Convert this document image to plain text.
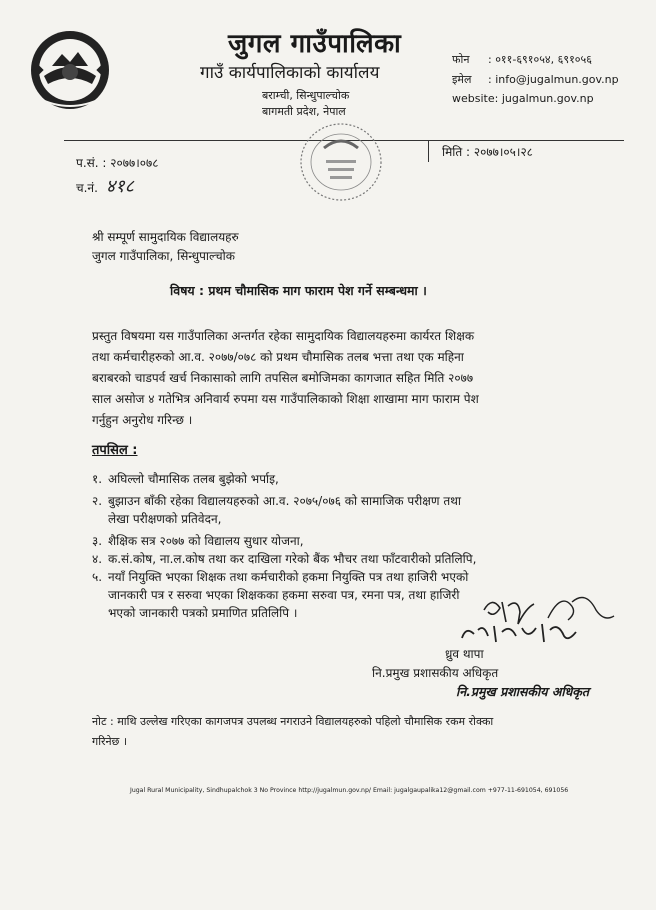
जुगल गाउँपालिका
गाउँ कार्यपालिकाको कार्यालय
बराम्ची, सिन्धुपाल्चोक
बागमती प्रदेश, नेपाल
फोन : ०११-६९१०५४, ६९१०५६
इमेल : info@jugalmun.gov.np
website: jugalmun.gov.np
मिति : २०७७।०५।२८
प.सं. : २०७७।०७८
च.नं. ४१८
श्री सम्पूर्ण सामुदायिक विद्यालयहरु
जुगल गाउँपालिका, सिन्धुपाल्चोक
विषय : प्रथम चौमासिक माग फाराम पेश गर्ने सम्बन्धमा ।
प्रस्तुत विषयमा यस गाउँपालिका अन्तर्गत रहेका सामुदायिक विद्यालयहरुमा कार्यरत शिक्षक
तथा कर्मचारीहरुको आ.व. २०७७/०७८ को प्रथम चौमासिक तलब भत्ता तथा एक महिना
बराबरको चाडपर्व खर्च निकासाको लागि तपसिल बमोजिमका कागजात सहित मिति २०७७
साल असोज ४ गतेभित्र अनिवार्य रुपमा यस गाउँपालिकाको शिक्षा शाखामा माग फाराम पेश
गर्नुहुन अनुरोध गरिन्छ ।
तपसिल :
१. अघिल्लो चौमासिक तलब बुझेको भर्पाइ,
२. बुझाउन बाँकी रहेका विद्यालयहरुको आ.व. २०७५/०७६ को सामाजिक परीक्षण तथा
लेखा परीक्षणको प्रतिवेदन,
३. शैक्षिक सत्र २०७७ को विद्यालय सुधार योजना,
४. क.सं.कोष, ना.ल.कोष तथा कर दाखिला गरेको बैंक भौचर तथा फाँटवारीको प्रतिलिपि,
५. नयाँ नियुक्ति भएका शिक्षक तथा कर्मचारीको हकमा नियुक्ति पत्र तथा हाजिरी भएको
जानकारी पत्र र सरुवा भएका शिक्षकका हकमा सरुवा पत्र, रमना पत्र, तथा हाजिरी
भएको जानकारी पत्रको प्रमाणित प्रतिलिपि ।
ध्रुव थापा
नि.प्रमुख प्रशासकीय अधिकृत
नि.प्रमुख प्रशासकीय अधिकृत
नोट : माथि उल्लेख गरिएका कागजपत्र उपलब्ध नगराउने विद्यालयहरुको पहिलो चौमासिक रकम रोक्का
गरिनेछ ।
Jugal Rural Municipality, Sindhupalchok 3 No Province http://jugalmun.gov.np/ Email: jugalgaupalika12@gmail.com +977-11-691054, 691056
